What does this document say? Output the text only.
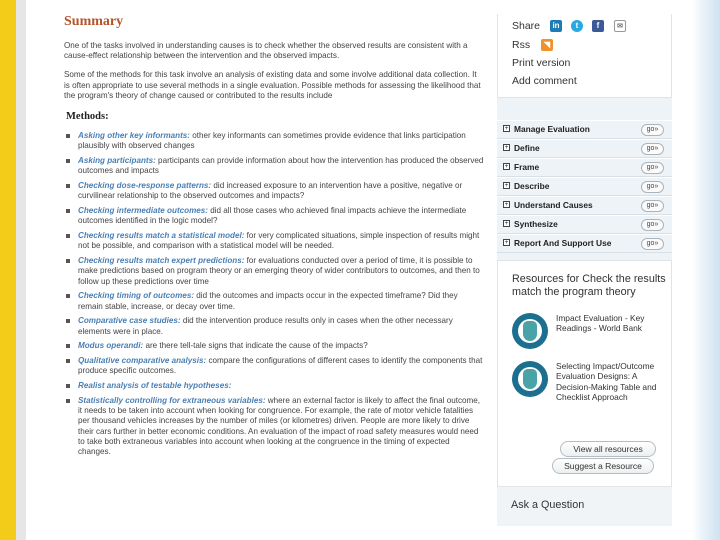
Summary

One of the tasks involved in understanding causes is to check whether the observed results are consistent with a cause-effect relationship between the intervention and the observed impacts.

Some of the methods for this task involve an analysis of existing data and some involve additional data collection. It is often appropriate to use several methods in a single evaluation. Possible methods for assessing the likelihood that the program's theory of change caused or contributed to the results include

Methods:
Asking other key informants: other key informants can sometimes provide evidence that links participation plausibly with observed changes
Asking participants: participants can provide information about how the intervention has produced the observed outcomes and impacts
Checking dose-response patterns: did increased exposure to an intervention have a positive, negative or curvilinear relationship to the observed outcomes and impacts?
Checking intermediate outcomes: did all those cases who achieved final impacts achieve the intermediate outcomes identified in the logic model?
Checking results match a statistical model: for very complicated situations, simple inspection of results might not be possible, and comparison with a statistical model will be needed.
Checking results match expert predictions: for evaluations conducted over a period of time, it is possible to make predictions based on program theory or an emerging theory of wider contributors to outcomes, and then to follow up these predictions over time
Checking timing of outcomes: did the outcomes and impacts occur in the expected timeframe? Did they remain stable, increase, or decay over time.
Comparative case studies: did the intervention produce results only in cases when the other necessary elements were in place.
Modus operandi: are there tell-tale signs that indicate the cause of the impacts?
Qualitative comparative analysis: compare the configurations of different cases to identify the components that produce specific outcomes.
Realist analysis of testable hypotheses:
Statistically controlling for extraneous variables: where an external factor is likely to affect the final outcome, it needs to be taken into account when looking for congruence. For example, the rate of motor vehicle fatalities per thousand vehicles increases by the number of miles (or kilometres) driven. People are more likely to drive their cars further in better economic conditions. An evaluation of the impact of road safety measures would need to take both extraneous variables into account when looking at the congruence in the timing of expected changes.
Share	in	t	f	✉
Rss	◥
Print version
Add comment
+ Manage Evaluation	go»
+ Define	go»
+ Frame	go»
+ Describe	go»
+ Understand Causes	go»
+ Synthesize	go»
+ Report And Support Use	go»
Resources for Check the results match the program theory
Impact Evaluation - Key Readings - World Bank
Selecting Impact/Outcome Evaluation Designs: A Decision-Making Table and Checklist Approach
View all resources
Suggest a Resource
Ask a Question
